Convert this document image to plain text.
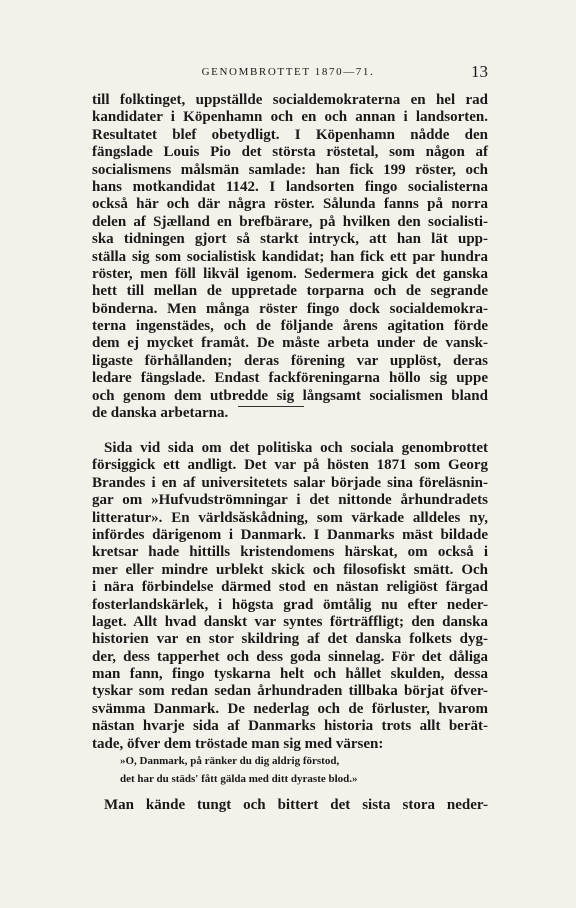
GENOMBROTTET 1870—71.	13
till folktinget, uppställde socialdemokraterna en hel rad
kandidater i Köpenhamn och en och annan i landsorten.
Resultatet blef obetydligt. I Köpenhamn nådde den
fängslade Louis Pio det största röstetal, som någon af
socialismens målsmän samlade: han fick 199 röster, och
hans motkandidat 1142. I landsorten fingo socialisterna
också här och där några röster. Sålunda fanns på norra
delen af Sjælland en brefbärare, på hvilken den socialisti-
ska tidningen gjort så starkt intryck, att han lät upp-
ställa sig som socialistisk kandidat; han fick ett par hundra
röster, men föll likväl igenom. Sedermera gick det ganska
hett till mellan de uppretade torparna och de segrande
bönderna. Men många röster fingo dock socialdemokra-
terna ingenstädes, och de följande årens agitation förde
dem ej mycket framåt. De måste arbeta under de vansk-
ligaste förhållanden; deras förening var upplöst, deras
ledare fängslade. Endast fackföreningarna höllo sig uppe
och genom dem utbredde sig långsamt socialismen bland
de danska arbetarna.
Sida vid sida om det politiska och sociala genombrottet
försiggick ett andligt. Det var på hösten 1871 som Georg
Brandes i en af universitetets salar började sina föreläsnin-
gar om »Hufvudströmningar i det nittonde århundradets
litteratur». En världsăskådning, som värkade alldeles ny,
infördes därigenom i Danmark. I Danmarks mäst bildade
kretsar hade hittills kristendomens härskat, om också i
mer eller mindre urblekt skick och filosofiskt smätt. Och
i nära förbindelse därmed stod en nästan religiöst färgad
fosterlandskärlek, i högsta grad ömtålig nu efter neder-
laget. Allt hvad danskt var syntes förträffligt; den danska
historien var en stor skildring af det danska folkets dyg-
der, dess tapperhet och dess goda sinnelag. För det dåliga
man fann, fingo tyskarna helt och hållet skulden, dessa
tyskar som redan sedan århundraden tillbaka börjat öfver-
svämma Danmark. De nederlag och de förluster, hvarom
nästan hvarje sida af Danmarks historia trots allt berät-
tade, öfver dem tröstade man sig med värsen:
»O, Danmark, på ränker du dig aldrig förstod,
det har du städs' fått gälda med ditt dyraste blod.»
Man kände tungt och bittert det sista stora neder-
